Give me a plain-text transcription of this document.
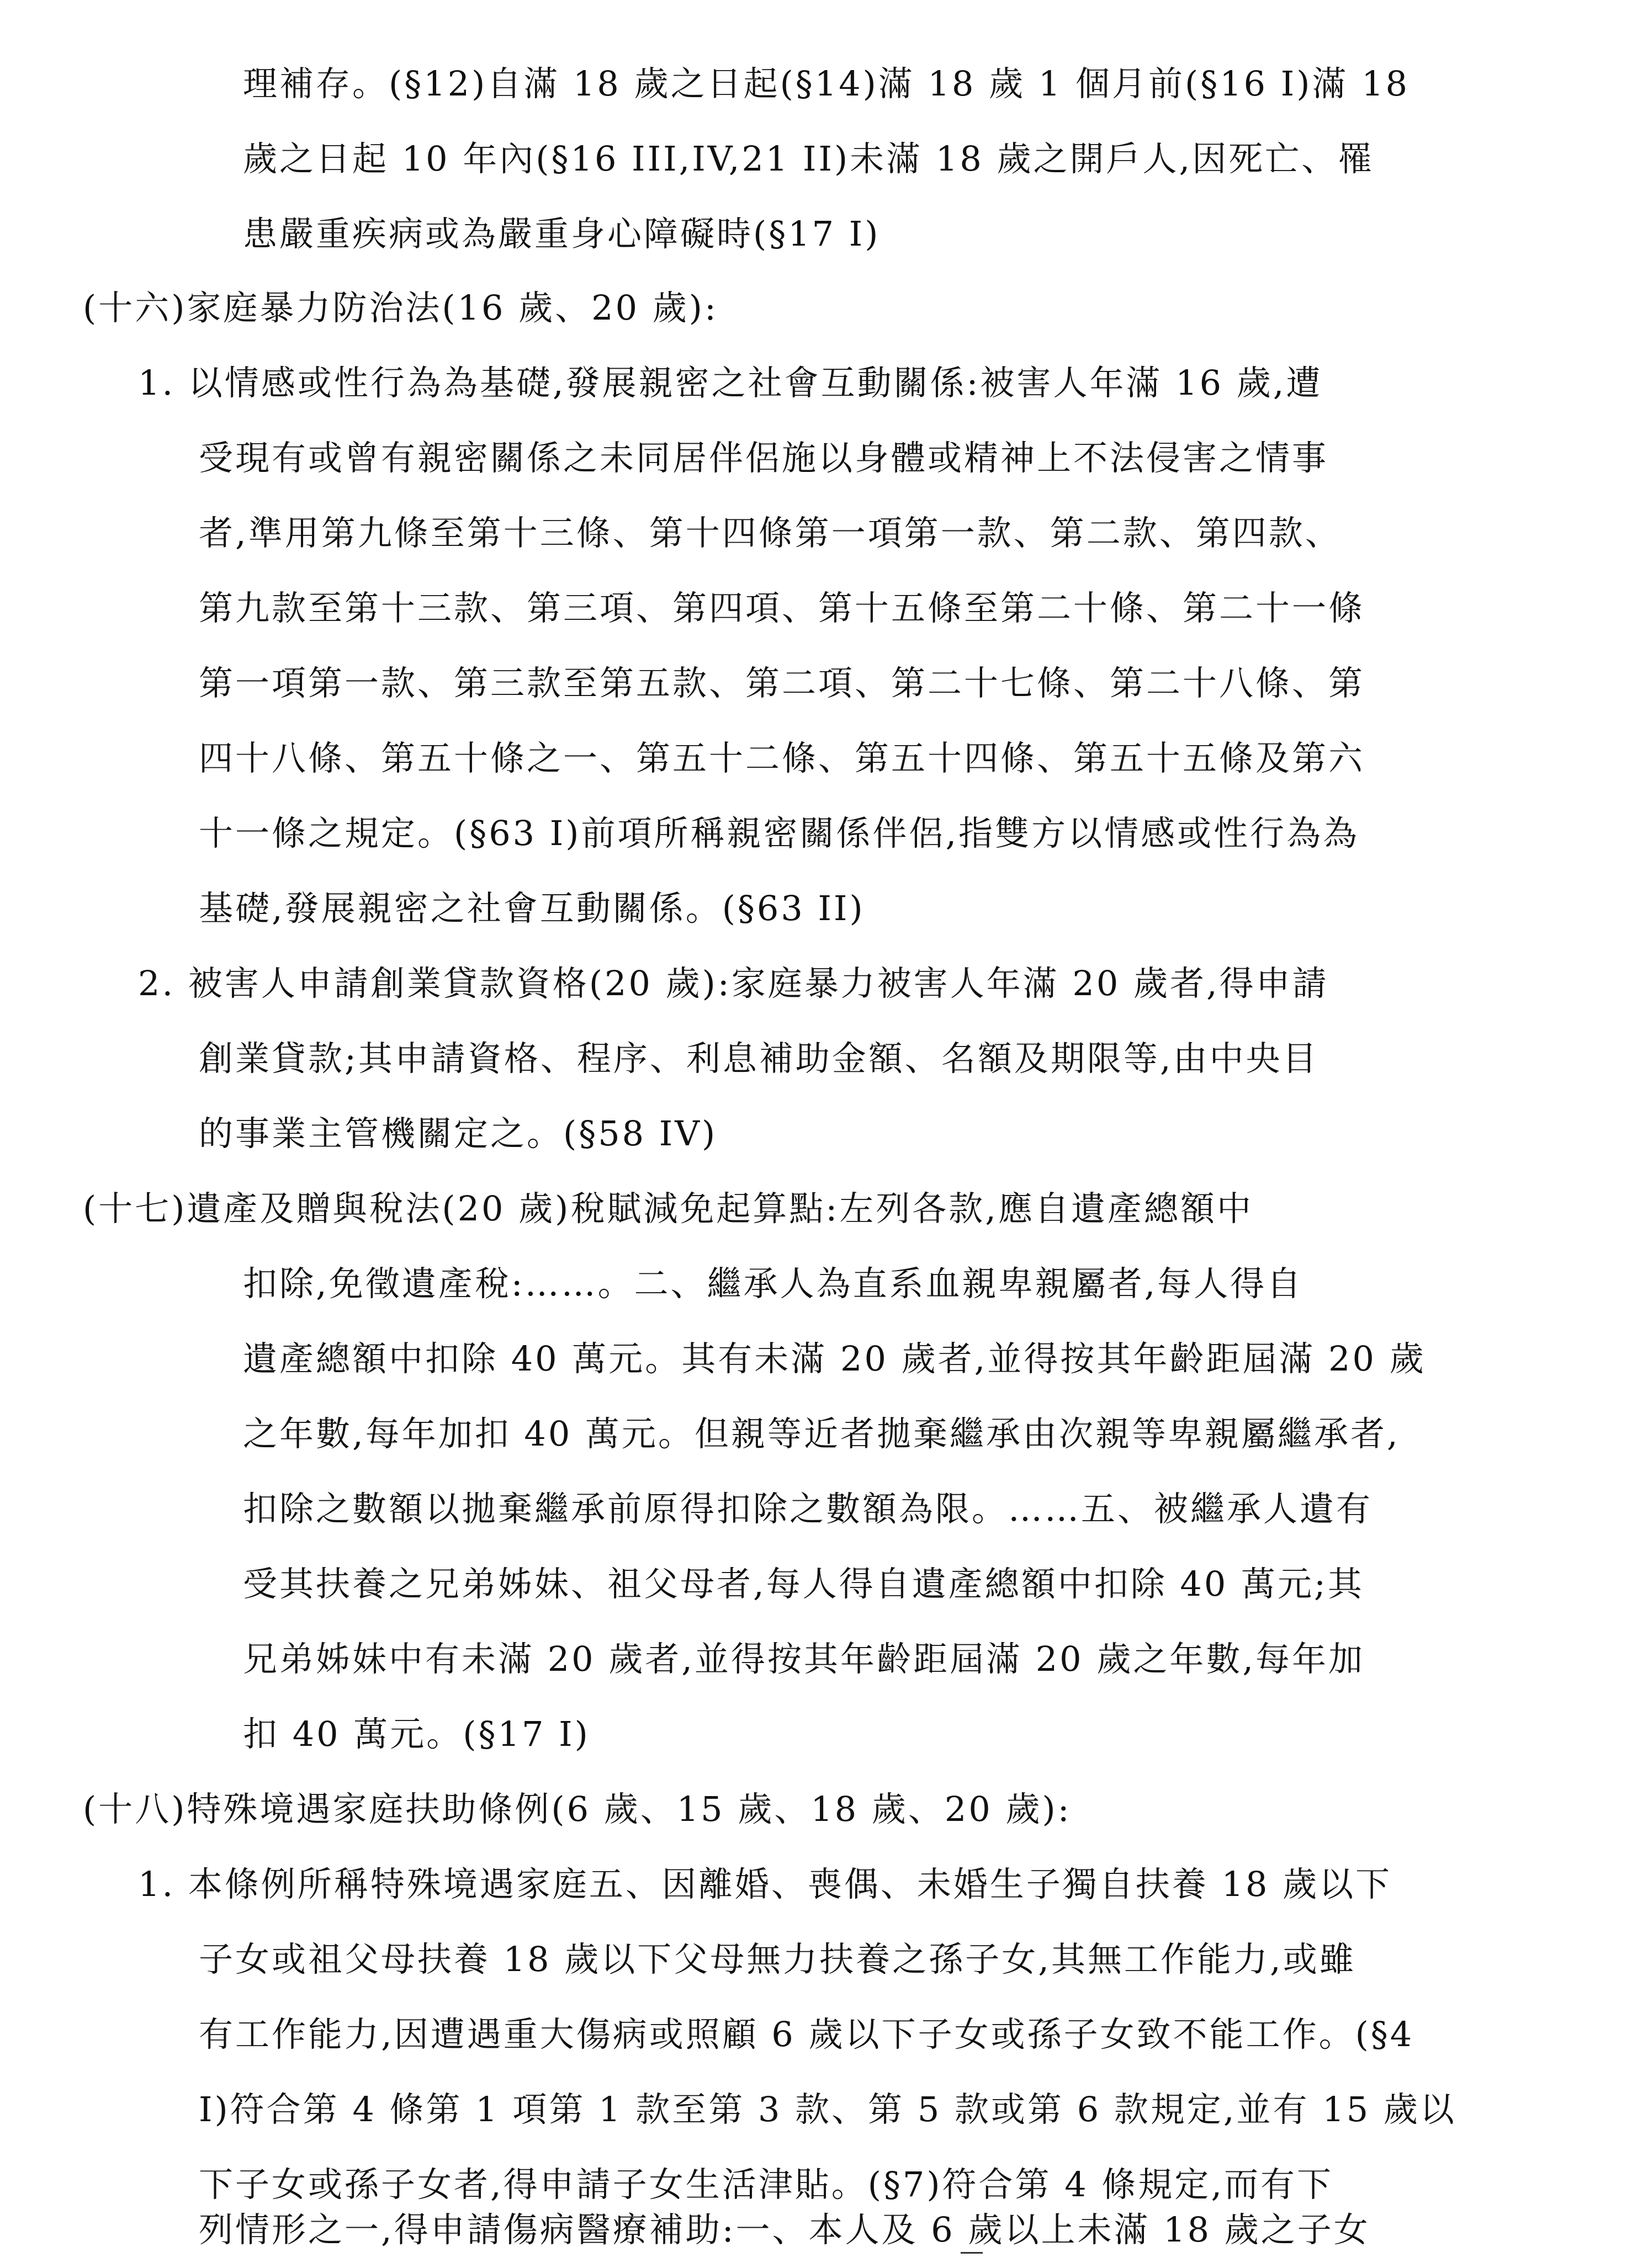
理補存。(§12)自滿 18 歲之日起(§14)滿 18 歲 1 個月前(§16 I)滿 18
歲之日起 10 年內(§16 III,IV,21 II)未滿 18 歲之開戶人,因死亡、罹
患嚴重疾病或為嚴重身心障礙時(§17 I)
(十六)家庭暴力防治法(16 歲、20 歲):
1. 以情感或性行為為基礎,發展親密之社會互動關係:被害人年滿 16 歲,遭
受現有或曾有親密關係之未同居伴侶施以身體或精神上不法侵害之情事
者,準用第九條至第十三條、第十四條第一項第一款、第二款、第四款、
第九款至第十三款、第三項、第四項、第十五條至第二十條、第二十一條
第一項第一款、第三款至第五款、第二項、第二十七條、第二十八條、第
四十八條、第五十條之一、第五十二條、第五十四條、第五十五條及第六
十一條之規定。(§63 I)前項所稱親密關係伴侶,指雙方以情感或性行為為
基礎,發展親密之社會互動關係。(§63 II)
2. 被害人申請創業貸款資格(20 歲):家庭暴力被害人年滿 20 歲者,得申請
創業貸款;其申請資格、程序、利息補助金額、名額及期限等,由中央目
的事業主管機關定之。(§58 IV)
(十七)遺產及贈與稅法(20 歲)稅賦減免起算點:左列各款,應自遺產總額中
扣除,免徵遺產稅:……。二、繼承人為直系血親卑親屬者,每人得自
遺產總額中扣除 40 萬元。其有未滿 20 歲者,並得按其年齡距屆滿 20 歲
之年數,每年加扣 40 萬元。但親等近者拋棄繼承由次親等卑親屬繼承者,
扣除之數額以拋棄繼承前原得扣除之數額為限。……五、被繼承人遺有
受其扶養之兄弟姊妹、祖父母者,每人得自遺產總額中扣除 40 萬元;其
兄弟姊妹中有未滿 20 歲者,並得按其年齡距屆滿 20 歲之年數,每年加
扣 40 萬元。(§17 I)
(十八)特殊境遇家庭扶助條例(6 歲、15 歲、18 歲、20 歲):
1. 本條例所稱特殊境遇家庭五、因離婚、喪偶、未婚生子獨自扶養 18 歲以下
子女或祖父母扶養 18 歲以下父母無力扶養之孫子女,其無工作能力,或雖
有工作能力,因遭遇重大傷病或照顧 6 歲以下子女或孫子女致不能工作。(§4
I)符合第 4 條第 1 項第 1 款至第 3 款、第 5 款或第 6 款規定,並有 15 歲以
下子女或孫子女者,得申請子女生活津貼。(§7)符合第 4 條規定,而有下
列情形之一,得申請傷病醫療補助:一、本人及 6 歲以上未滿 18 歲之子女
